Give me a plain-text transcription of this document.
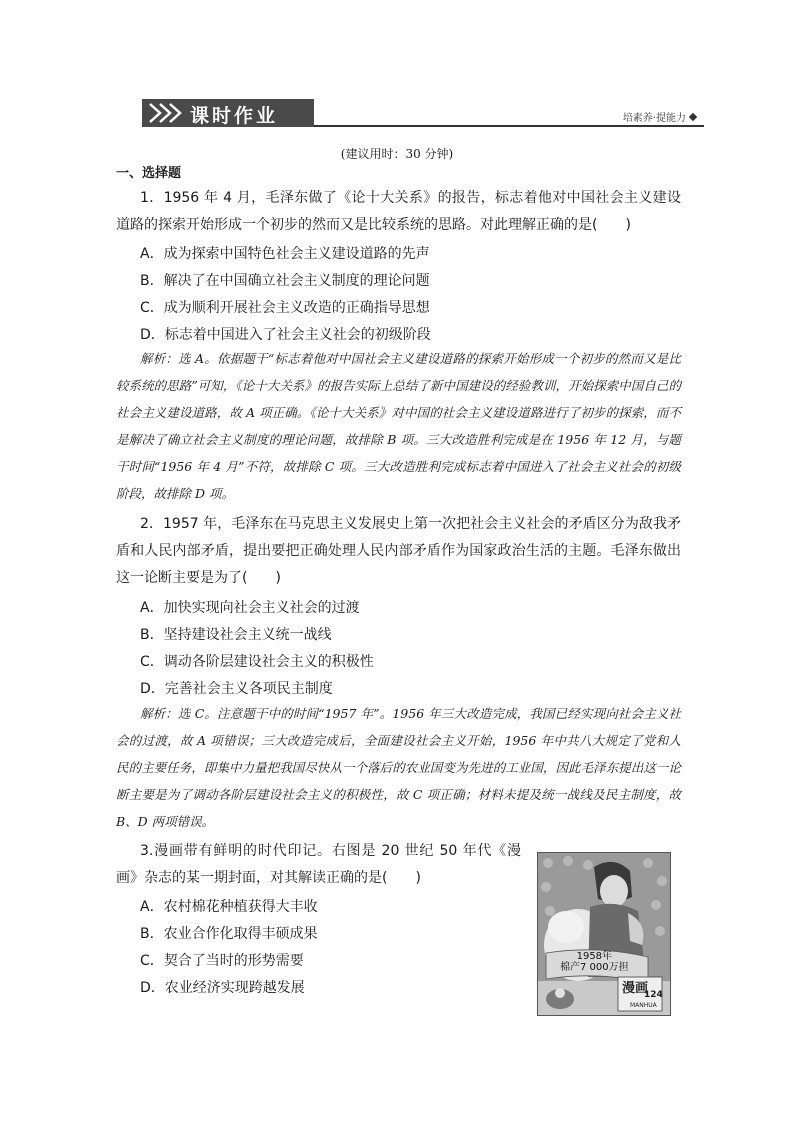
课时作业	培素养·提能力
(建议用时：30 分钟)
一、选择题
1．1956 年 4 月，毛泽东做了《论十大关系》的报告，标志着他对中国社会主义建设道路的探索开始形成一个初步的然而又是比较系统的思路。对此理解正确的是(　　)
A．成为探索中国特色社会主义建设道路的先声
B．解决了在中国确立社会主义制度的理论问题
C．成为顺利开展社会主义改造的正确指导思想
D．标志着中国进入了社会主义社会的初级阶段
解析：选 A。依据题干“标志着他对中国社会主义建设道路的探索开始形成一个初步的然而又是比较系统的思路”可知，《论十大关系》的报告实际上总结了新中国建设的经验教训，开始探索中国自己的社会主义建设道路，故 A 项正确。《论十大关系》对中国的社会主义建设道路进行了初步的探索，而不是解决了确立社会主义制度的理论问题，故排除 B 项。三大改造胜利完成是在 1956 年 12 月，与题干时间“1956 年 4 月”不符，故排除 C 项。三大改造胜利完成标志着中国进入了社会主义社会的初级阶段，故排除 D 项。
2．1957 年，毛泽东在马克思主义发展史上第一次把社会主义社会的矛盾区分为敌我矛盾和人民内部矛盾，提出要把正确处理人民内部矛盾作为国家政治生活的主题。毛泽东做出这一论断主要是为了(　　)
A．加快实现向社会主义社会的过渡
B．坚持建设社会主义统一战线
C．调动各阶层建设社会主义的积极性
D．完善社会主义各项民主制度
解析：选 C。注意题干中的时间“1957 年”。1956 年三大改造完成，我国已经实现向社会主义社会的过渡，故 A 项错误；三大改造完成后，全面建设社会主义开始，1956 年中共八大规定了党和人民的主要任务，即集中力量把我国尽快从一个落后的农业国变为先进的工业国，因此毛泽东提出这一论断主要是为了调动各阶层建设社会主义的积极性，故 C 项正确；材料未提及统一战线及民主制度，故 B、D 两项错误。
3.漫画带有鲜明的时代印记。右图是 20 世纪 50 年代《漫画》杂志的某一期封面，对其解读正确的是(　　)
A．农村棉花种植获得大丰收
B．农业合作化取得丰硕成果
C．契合了当时的形势需要
D．农业经济实现跨越发展
1958年
棉产7 000万担
漫画
124
MANHUA
